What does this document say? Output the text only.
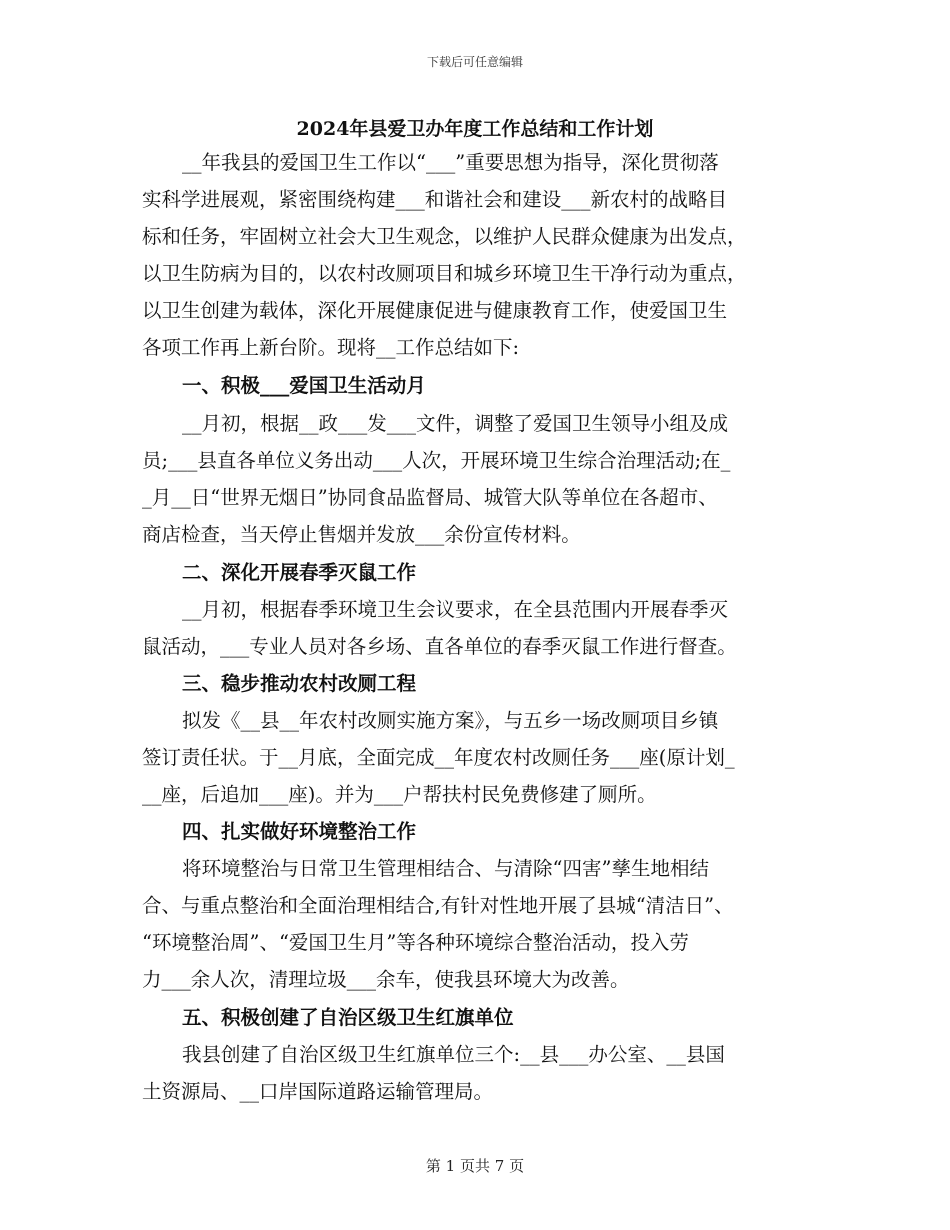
下载后可任意编辑
2024年县爱卫办年度工作总结和工作计划
__年我县的爱国卫生工作以“___”重要思想为指导，深化贯彻落
实科学进展观，紧密围绕构建___和谐社会和建设___新农村的战略目
标和任务，牢固树立社会大卫生观念，以维护人民群众健康为出发点，
以卫生防病为目的，以农村改厕项目和城乡环境卫生干净行动为重点，
以卫生创建为载体，深化开展健康促进与健康教育工作，使爱国卫生
各项工作再上新台阶。现将__工作总结如下:
一、积极___爱国卫生活动月
__月初，根据__政___发___文件，调整了爱国卫生领导小组及成
员;___县直各单位义务出动___人次，开展环境卫生综合治理活动;在_
_月__日“世界无烟日”协同食品监督局、城管大队等单位在各超市、
商店检查，当天停止售烟并发放___余份宣传材料。
二、深化开展春季灭鼠工作
__月初，根据春季环境卫生会议要求，在全县范围内开展春季灭
鼠活动，___专业人员对各乡场、直各单位的春季灭鼠工作进行督查。
三、稳步推动农村改厕工程
拟发《__县__年农村改厕实施方案》，与五乡一场改厕项目乡镇
签订责任状。于__月底，全面完成__年度农村改厕任务___座(原计划_
__座，后追加___座)。并为___户帮扶村民免费修建了厕所。
四、扎实做好环境整治工作
将环境整治与日常卫生管理相结合、与清除“四害”孳生地相结
合、与重点整治和全面治理相结合,有针对性地开展了县城“清洁日”、
“环境整治周”、“爱国卫生月”等各种环境综合整治活动，投入劳
力___余人次，清理垃圾___余车，使我县环境大为改善。
五、积极创建了自治区级卫生红旗单位
我县创建了自治区级卫生红旗单位三个:__县___办公室、__县国
土资源局、__口岸国际道路运输管理局。
第 1 页共 7 页
